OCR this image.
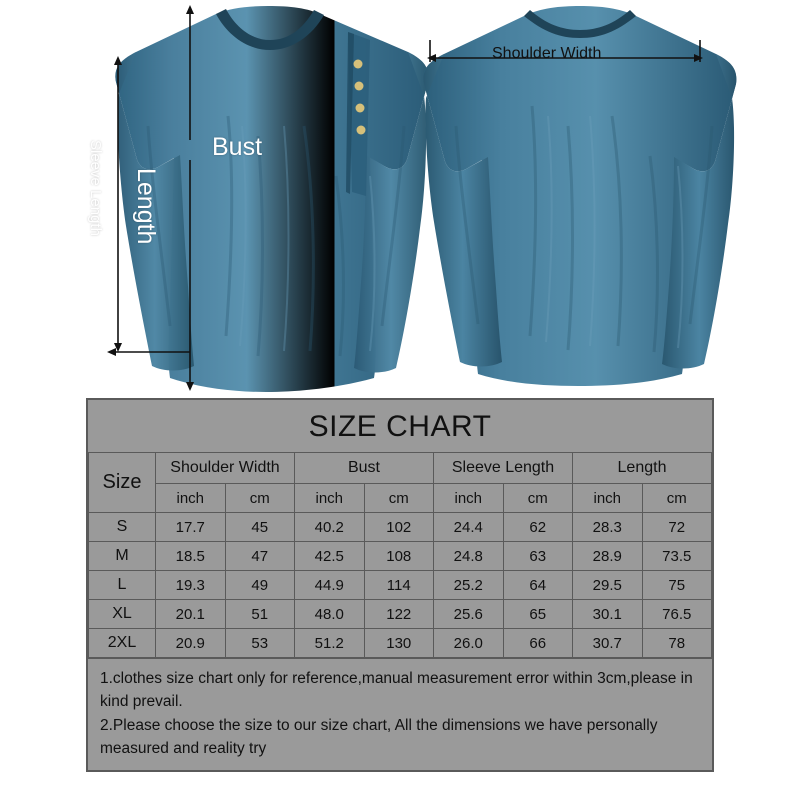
Bust
Length
Sleeve Length
Shoulder Width
SIZE CHART
Size	Shoulder Width		Bust		Sleeve Length		Length	
	inch	cm	inch	cm	inch	cm	inch	cm
S	17.7	45	40.2	102	24.4	62	28.3	72
M	18.5	47	42.5	108	24.8	63	28.9	73.5
L	19.3	49	44.9	114	25.2	64	29.5	75
XL	20.1	51	48.0	122	25.6	65	30.1	76.5
2XL	20.9	53	51.2	130	26.0	66	30.7	78

1.clothes size chart only for reference,manual measurement error within 3cm,please in kind prevail.

2.Please choose the size to our size chart, All the dimensions we have personally measured and reality try
